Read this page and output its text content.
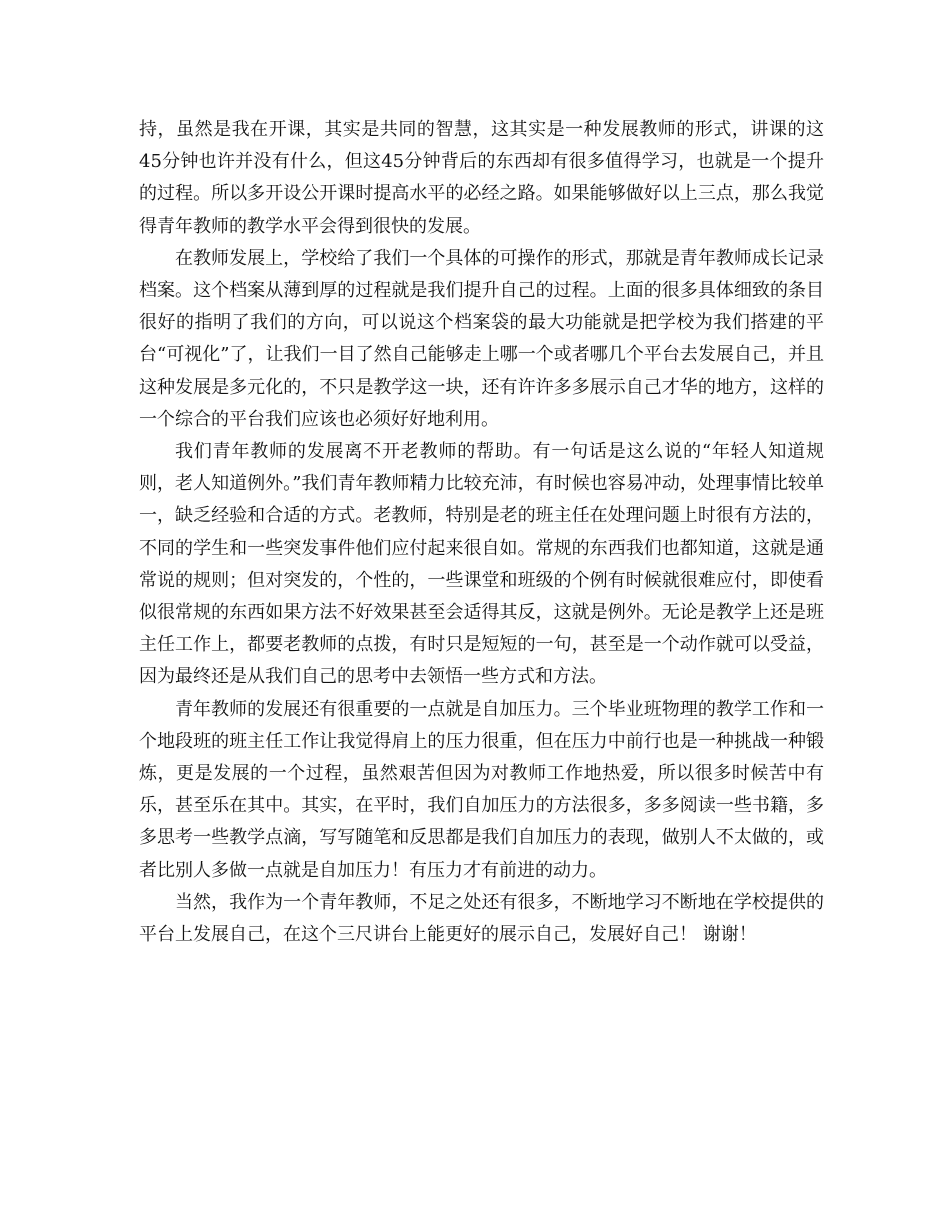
持，虽然是我在开课，其实是共同的智慧，这其实是一种发展教师的形式，讲课的这45分钟也许并没有什么，但这45分钟背后的东西却有很多值得学习，也就是一个提升的过程。所以多开设公开课时提高水平的必经之路。如果能够做好以上三点，那么我觉得青年教师的教学水平会得到很快的发展。

在教师发展上，学校给了我们一个具体的可操作的形式，那就是青年教师成长记录档案。这个档案从薄到厚的过程就是我们提升自己的过程。上面的很多具体细致的条目很好的指明了我们的方向，可以说这个档案袋的最大功能就是把学校为我们搭建的平台“可视化”了，让我们一目了然自己能够走上哪一个或者哪几个平台去发展自己，并且这种发展是多元化的，不只是教学这一块，还有许许多多展示自己才华的地方，这样的一个综合的平台我们应该也必须好好地利用。

我们青年教师的发展离不开老教师的帮助。有一句话是这么说的“年轻人知道规则，老人知道例外。”我们青年教师精力比较充沛，有时候也容易冲动，处理事情比较单一，缺乏经验和合适的方式。老教师，特别是老的班主任在处理问题上时很有方法的，不同的学生和一些突发事件他们应付起来很自如。常规的东西我们也都知道，这就是通常说的规则；但对突发的，个性的，一些课堂和班级的个例有时候就很难应付，即使看似很常规的东西如果方法不好效果甚至会适得其反，这就是例外。无论是教学上还是班主任工作上，都要老教师的点拨，有时只是短短的一句，甚至是一个动作就可以受益，因为最终还是从我们自己的思考中去领悟一些方式和方法。

青年教师的发展还有很重要的一点就是自加压力。三个毕业班物理的教学工作和一个地段班的班主任工作让我觉得肩上的压力很重，但在压力中前行也是一种挑战一种锻炼，更是发展的一个过程，虽然艰苦但因为对教师工作地热爱，所以很多时候苦中有乐，甚至乐在其中。其实，在平时，我们自加压力的方法很多，多多阅读一些书籍，多多思考一些教学点滴，写写随笔和反思都是我们自加压力的表现，做别人不太做的，或者比别人多做一点就是自加压力！有压力才有前进的动力。

当然，我作为一个青年教师，不足之处还有很多，不断地学习不断地在学校提供的平台上发展自己，在这个三尺讲台上能更好的展示自己，发展好自己！ 谢谢！
